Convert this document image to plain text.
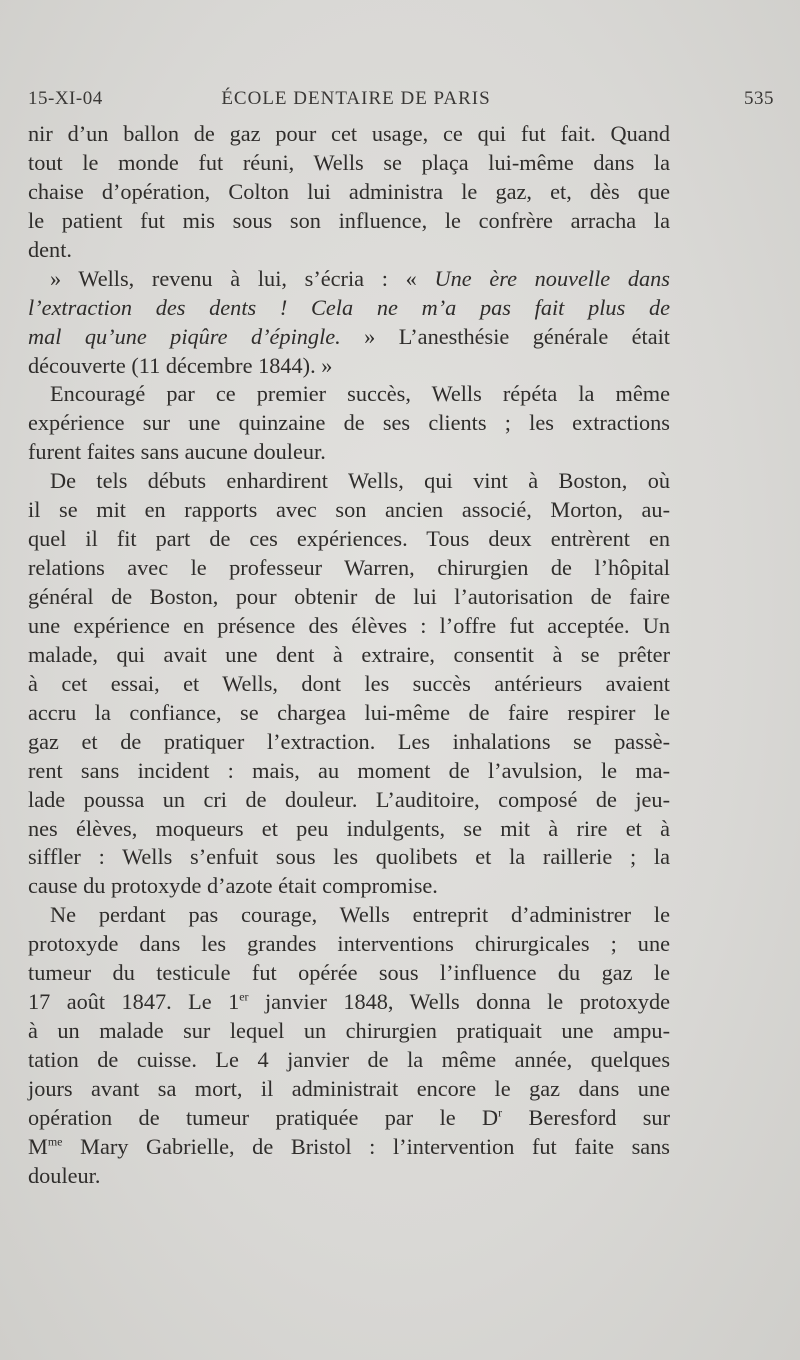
15-XI-04	ÉCOLE DENTAIRE DE PARIS	535
nir d’un ballon de gaz pour cet usage, ce qui fut fait. Quand
tout le monde fut réuni, Wells se plaça lui-même dans la
chaise d’opération, Colton lui administra le gaz, et, dès que
le patient fut mis sous son influence, le confrère arracha la
dent.
» Wells, revenu à lui, s’écria : « Une ère nouvelle dans
l’extraction des dents ! Cela ne m’a pas fait plus de
mal qu’une piqûre d’épingle. » L’anesthésie générale était
découverte (11 décembre 1844). »
Encouragé par ce premier succès, Wells répéta la même
expérience sur une quinzaine de ses clients ; les extractions
furent faites sans aucune douleur.
De tels débuts enhardirent Wells, qui vint à Boston, où
il se mit en rapports avec son ancien associé, Morton, au-
quel il fit part de ces expériences. Tous deux entrèrent en
relations avec le professeur Warren, chirurgien de l’hôpital
général de Boston, pour obtenir de lui l’autorisation de faire
une expérience en présence des élèves : l’offre fut acceptée. Un
malade, qui avait une dent à extraire, consentit à se prêter
à cet essai, et Wells, dont les succès antérieurs avaient
accru la confiance, se chargea lui-même de faire respirer le
gaz et de pratiquer l’extraction. Les inhalations se passè-
rent sans incident : mais, au moment de l’avulsion, le ma-
lade poussa un cri de douleur. L’auditoire, composé de jeu-
nes élèves, moqueurs et peu indulgents, se mit à rire et à
siffler : Wells s’enfuit sous les quolibets et la raillerie ; la
cause du protoxyde d’azote était compromise.
Ne perdant pas courage, Wells entreprit d’administrer le
protoxyde dans les grandes interventions chirurgicales ; une
tumeur du testicule fut opérée sous l’influence du gaz le
17 août 1847. Le 1er janvier 1848, Wells donna le protoxyde
à un malade sur lequel un chirurgien pratiquait une ampu-
tation de cuisse. Le 4 janvier de la même année, quelques
jours avant sa mort, il administrait encore le gaz dans une
opération de tumeur pratiquée par le $D^r$ Beresford sur
$M^{me}$ Mary Gabrielle, de Bristol : l’intervention fut faite sans
douleur.
